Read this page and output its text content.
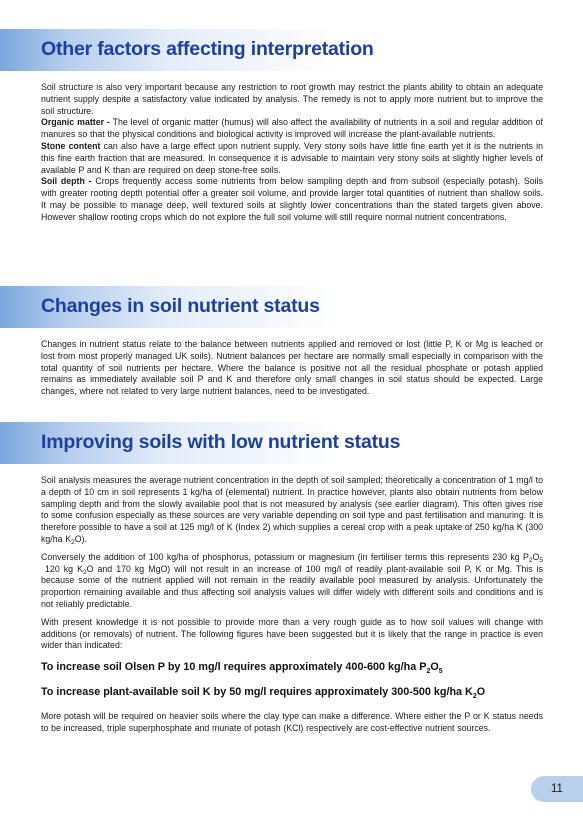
Other factors affecting interpretation

Soil structure is also very important because any restriction to root growth may restrict the plants ability to obtain an adequate nutrient supply despite a satisfactory value indicated by analysis. The remedy is not to apply more nutrient but to improve the soil structure.

Organic matter - The level of organic matter (humus) will also affect the availability of nutrients in a soil and regular addition of manures so that the physical conditions and biological activity is improved will increase the plant-available nutrients.

Stone content can also have a large effect upon nutrient supply. Very stony soils have little fine earth yet it is the nutrients in this fine earth fraction that are measured. In consequence it is advisable to maintain very stony soils at slightly higher levels of available P and K than are required on deep stone-free soils.

Soil depth - Crops frequently access some nutrients from below sampling depth and from subsoil (especially potash). Soils with greater rooting depth potential offer a greater soil volume, and provide larger total quantities of nutrient than shallow soils. It may be possible to manage deep, well textured soils at slightly lower concentrations than the stated targets given above. However shallow rooting crops which do not explore the full soil volume will still require normal nutrient concentrations.

Changes in soil nutrient status

Changes in nutrient status relate to the balance between nutrients applied and removed or lost (little P, K or Mg is leached or lost from most properly managed UK soils). Nutrient balances per hectare are normally small especially in comparison with the total quantity of soil nutrients per hectare. Where the balance is positive not all the residual phosphate or potash applied remains as immediately available soil P and K and therefore only small changes in soil status should be expected. Large changes, where not related to very large nutrient balances, need to be investigated.

Improving soils with low nutrient status

Soil analysis measures the average nutrient concentration in the depth of soil sampled; theoretically a concentration of 1 mg/l to a depth of 10 cm in soil represents 1 kg/ha of (elemental) nutrient. In practice however, plants also obtain nutrients from below sampling depth and from the slowly available pool that is not measured by analysis (see earlier diagram). This often gives rise to some confusion especially as these sources are very variable depending on soil type and past fertilisation and manuring. It is therefore possible to have a soil at 125 mg/l of K (Index 2) which supplies a cereal crop with a peak uptake of 250 kg/ha K (300 kg/ha $K_2O$).

Conversely the addition of 100 kg/ha of phosphorus, potassium or magnesium (in fertiliser terms this represents 230 kg $P_2O_5$ 120 kg $K_2O$ and 170 kg MgO) will not result in an increase of 100 mg/l of readily plant-available soil P, K or Mg. This is because some of the nutrient applied will not remain in the readily available pool measured by analysis. Unfortunately the proportion remaining available and thus affecting soil analysis values will differ widely with different soils and conditions and is not reliably predictable.

With present knowledge it is not possible to provide more than a very rough guide as to how soil values will change with additions (or removals) of nutrient. The following figures have been suggested but it is likely that the range in practice is even wider than indicated:

To increase soil Olsen P by 10 mg/l requires approximately 400-600 kg/ha $P_2O_5$

To increase plant-available soil K by 50 mg/l requires approximately 300-500 kg/ha $K_2O$

More potash will be required on heavier soils where the clay type can make a difference. Where either the P or K status needs to be increased, triple superphosphate and muriate of potash (KCl) respectively are cost-effective nutrient sources.

11
